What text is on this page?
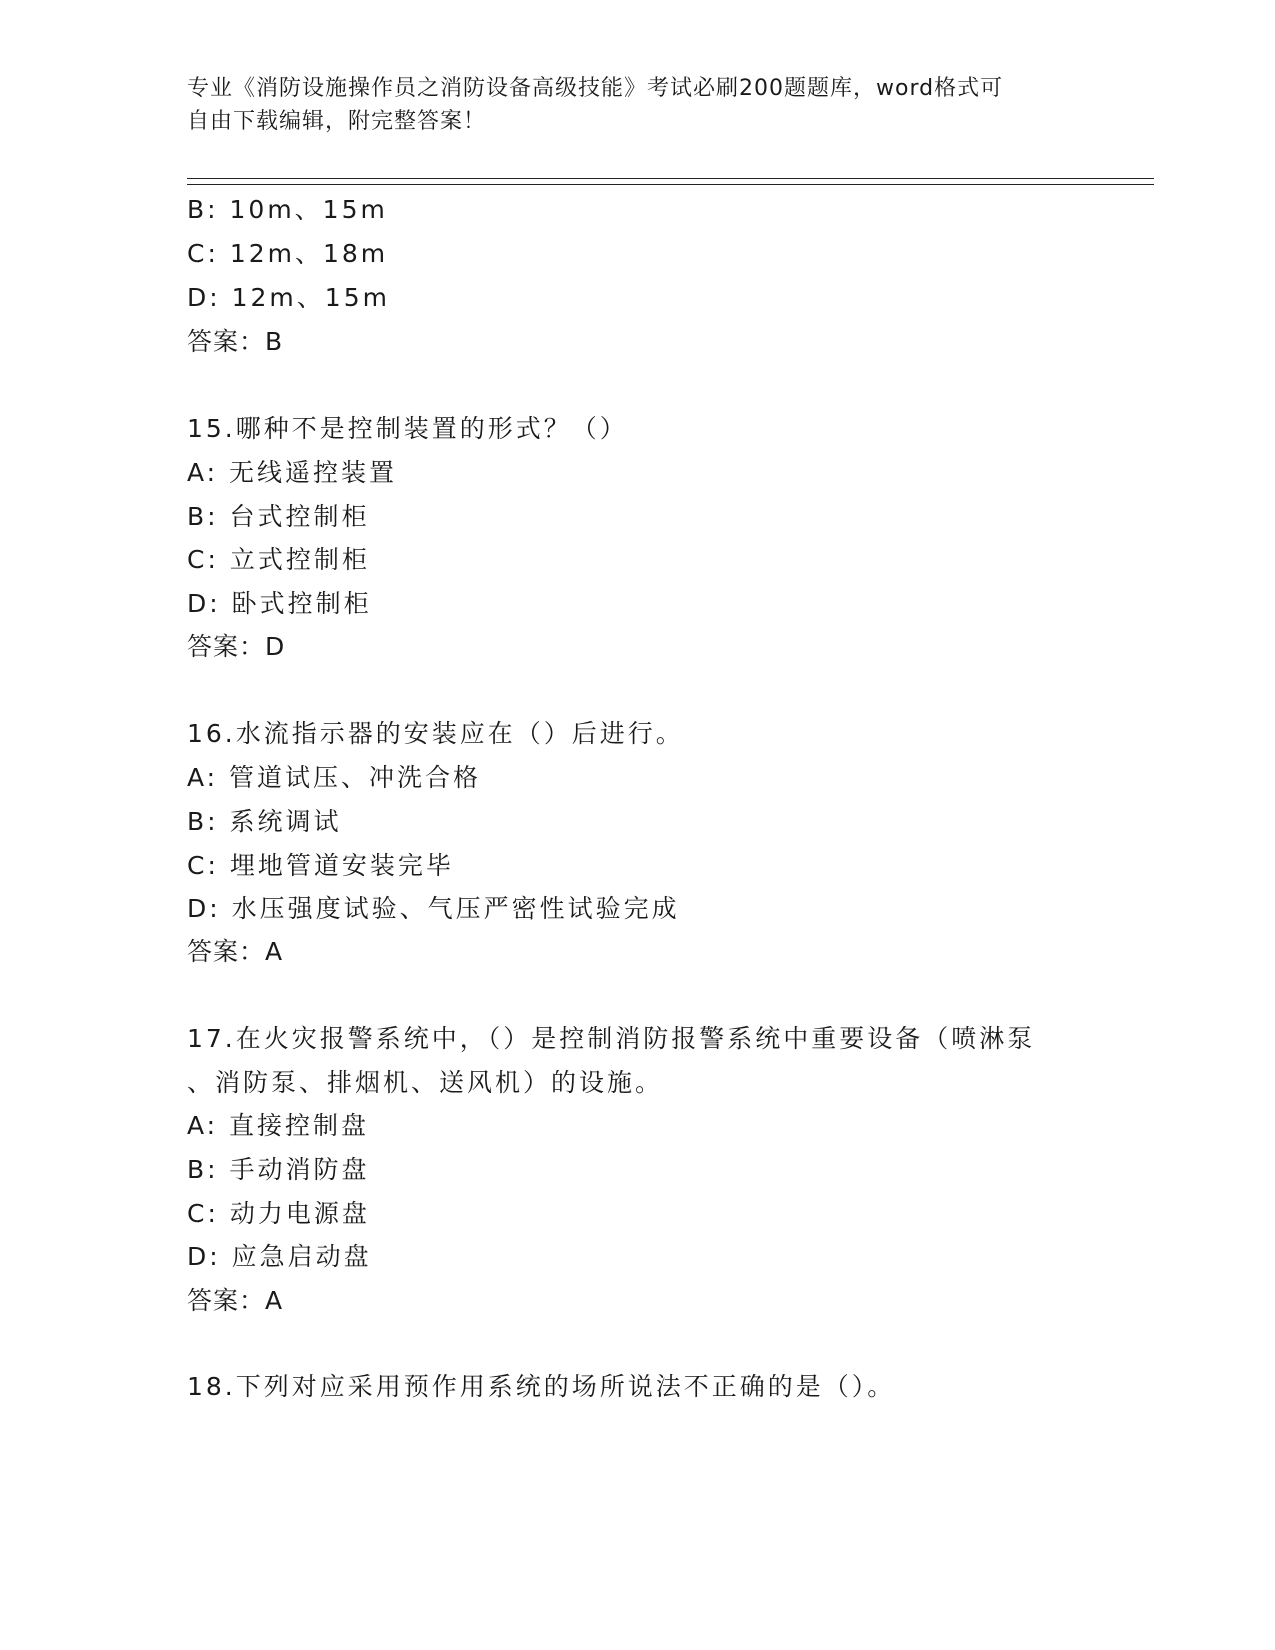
专业《消防设施操作员之消防设备高级技能》考试必刷200题题库，word格式可
自由下载编辑，附完整答案！
B: 10m、15m
C: 12m、18m
D: 12m、15m
答案：B
15.哪种不是控制装置的形式？（）
A: 无线遥控装置
B: 台式控制柜
C: 立式控制柜
D: 卧式控制柜
答案：D
16.水流指示器的安装应在（）后进行。
A: 管道试压、冲洗合格
B: 系统调试
C: 埋地管道安装完毕
D: 水压强度试验、气压严密性试验完成
答案：A
17.在火灾报警系统中，（）是控制消防报警系统中重要设备（喷淋泵
、消防泵、排烟机、送风机）的设施。
A: 直接控制盘
B: 手动消防盘
C: 动力电源盘
D: 应急启动盘
答案：A
18.下列对应采用预作用系统的场所说法不正确的是（）。
